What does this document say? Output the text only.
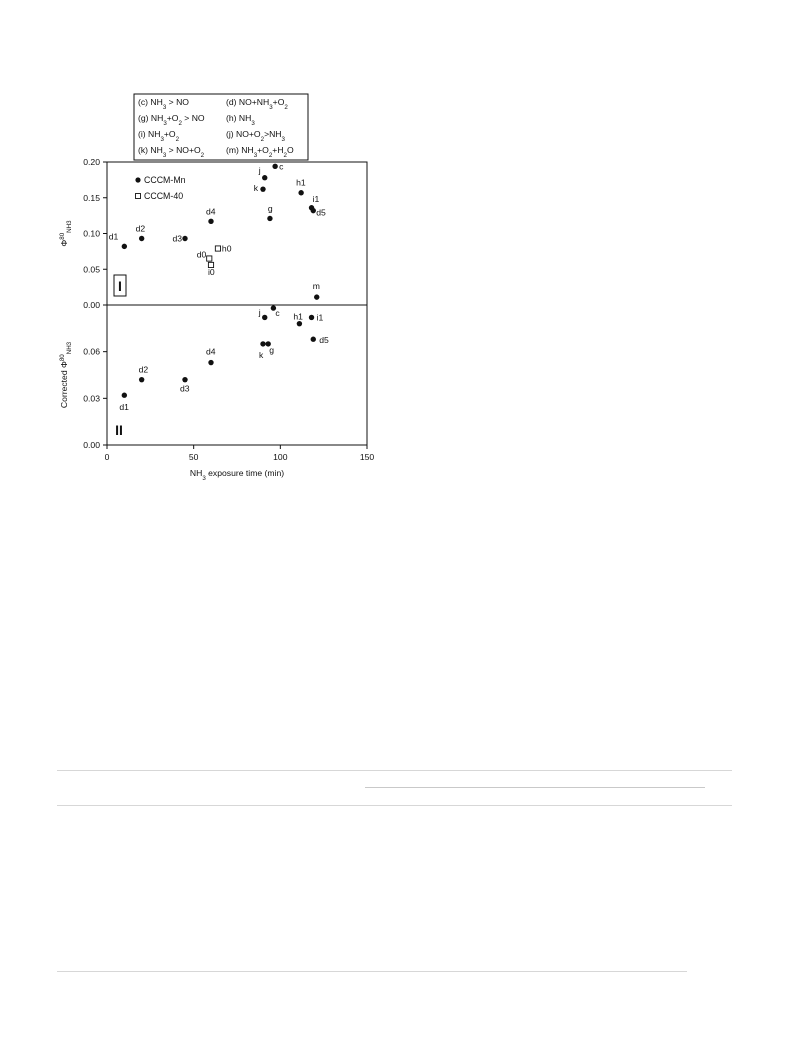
(c) $NH_3$ > NO	(d) $NO+NH_3+O_2$
(g) $NH_3+O_2$ > NO (h) $NH_3$
(i) $NH_3+O_2$	(j) $NO+O_2>NH_3$
(k) $NH_3 > NO+O_2$	(m) $NH_3+O_2+H_2O$
0.00
0.05
0.10
0.15
0.20
$\Phi^{80}_{NH3}$
I
CCCM-Mn
CCCM-40
d1
d2
d3
d4
c
j
k
g
h1
i1
d5
m
h0
d0
i0
0.00
0.03
0.06
0	50	100	150
$NH_3$ exposure time (min)
Corrected $\Phi^{80}_{NH3}$
II
d1
d2
d3
d4
c
j
k g
h1 i1
d5
